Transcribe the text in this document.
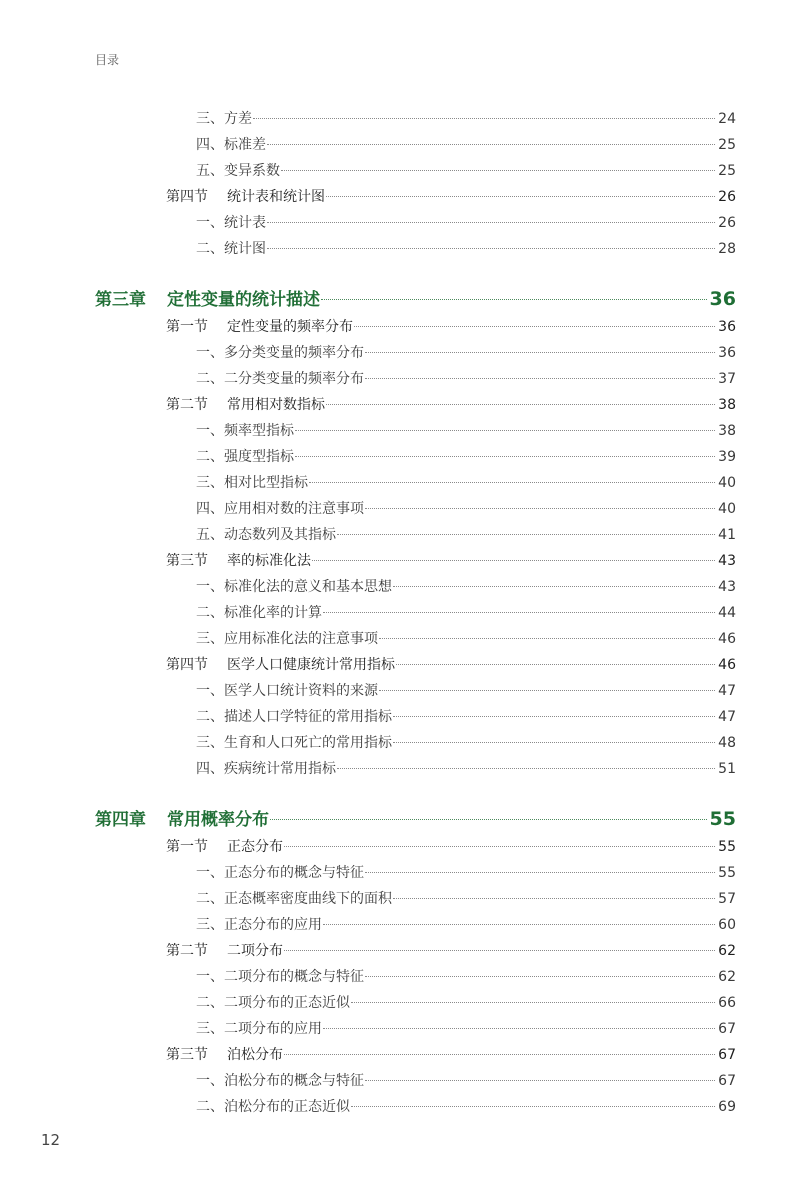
目录
三、方差	24
四、标准差	25
五、变异系数	25
第四节	统计表和统计图	26
一、统计表	26
二、统计图	28
第三章	定性变量的统计描述	36
第一节	定性变量的频率分布	36
一、多分类变量的频率分布	36
二、二分类变量的频率分布	37
第二节	常用相对数指标	38
一、频率型指标	38
二、强度型指标	39
三、相对比型指标	40
四、应用相对数的注意事项	40
五、动态数列及其指标	41
第三节	率的标准化法	43
一、标准化法的意义和基本思想	43
二、标准化率的计算	44
三、应用标准化法的注意事项	46
第四节	医学人口健康统计常用指标	46
一、医学人口统计资料的来源	47
二、描述人口学特征的常用指标	47
三、生育和人口死亡的常用指标	48
四、疾病统计常用指标	51
第四章	常用概率分布	55
第一节	正态分布	55
一、正态分布的概念与特征	55
二、正态概率密度曲线下的面积	57
三、正态分布的应用	60
第二节	二项分布	62
一、二项分布的概念与特征	62
二、二项分布的正态近似	66
三、二项分布的应用	67
第三节	泊松分布	67
一、泊松分布的概念与特征	67
二、泊松分布的正态近似	69
12
